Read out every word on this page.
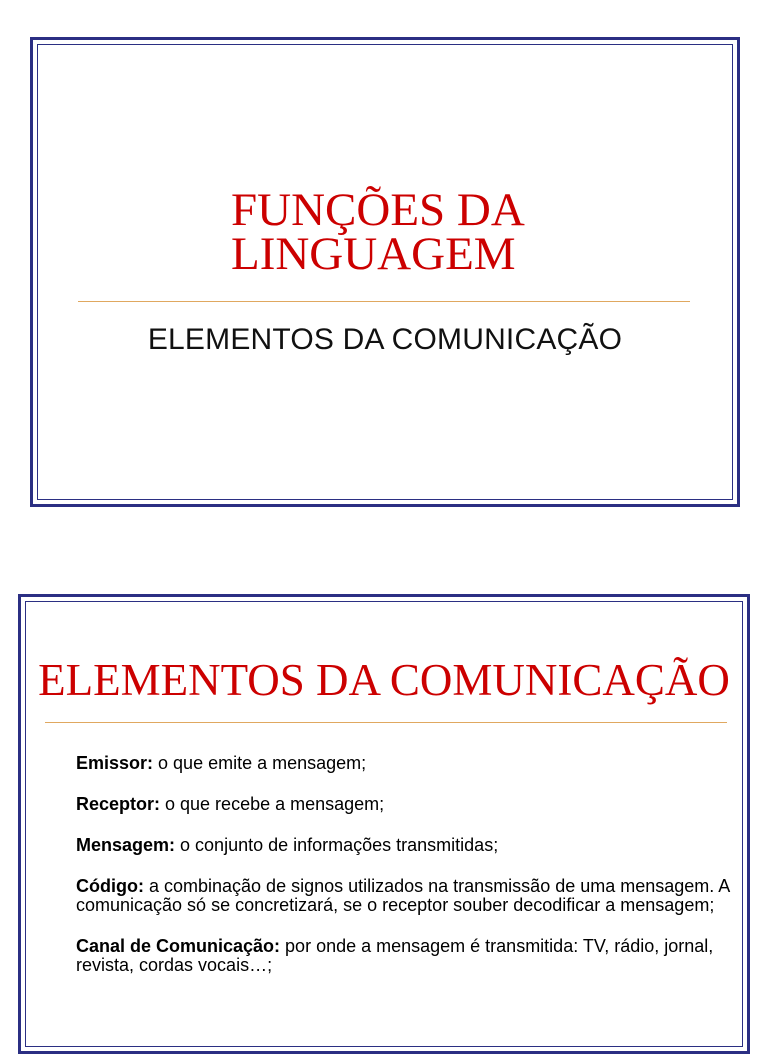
FUNÇÕES DA
LINGUAGEM
ELEMENTOS DA COMUNICAÇÃO
ELEMENTOS DA COMUNICAÇÃO
Emissor: o que emite a mensagem;
Receptor: o que recebe a mensagem;
Mensagem: o conjunto de informações transmitidas;
Código: a combinação de signos utilizados na transmissão de uma mensagem. A comunicação só se concretizará, se o receptor souber decodificar a mensagem;
Canal de Comunicação: por onde a mensagem é transmitida: TV, rádio, jornal, revista, cordas vocais…;
